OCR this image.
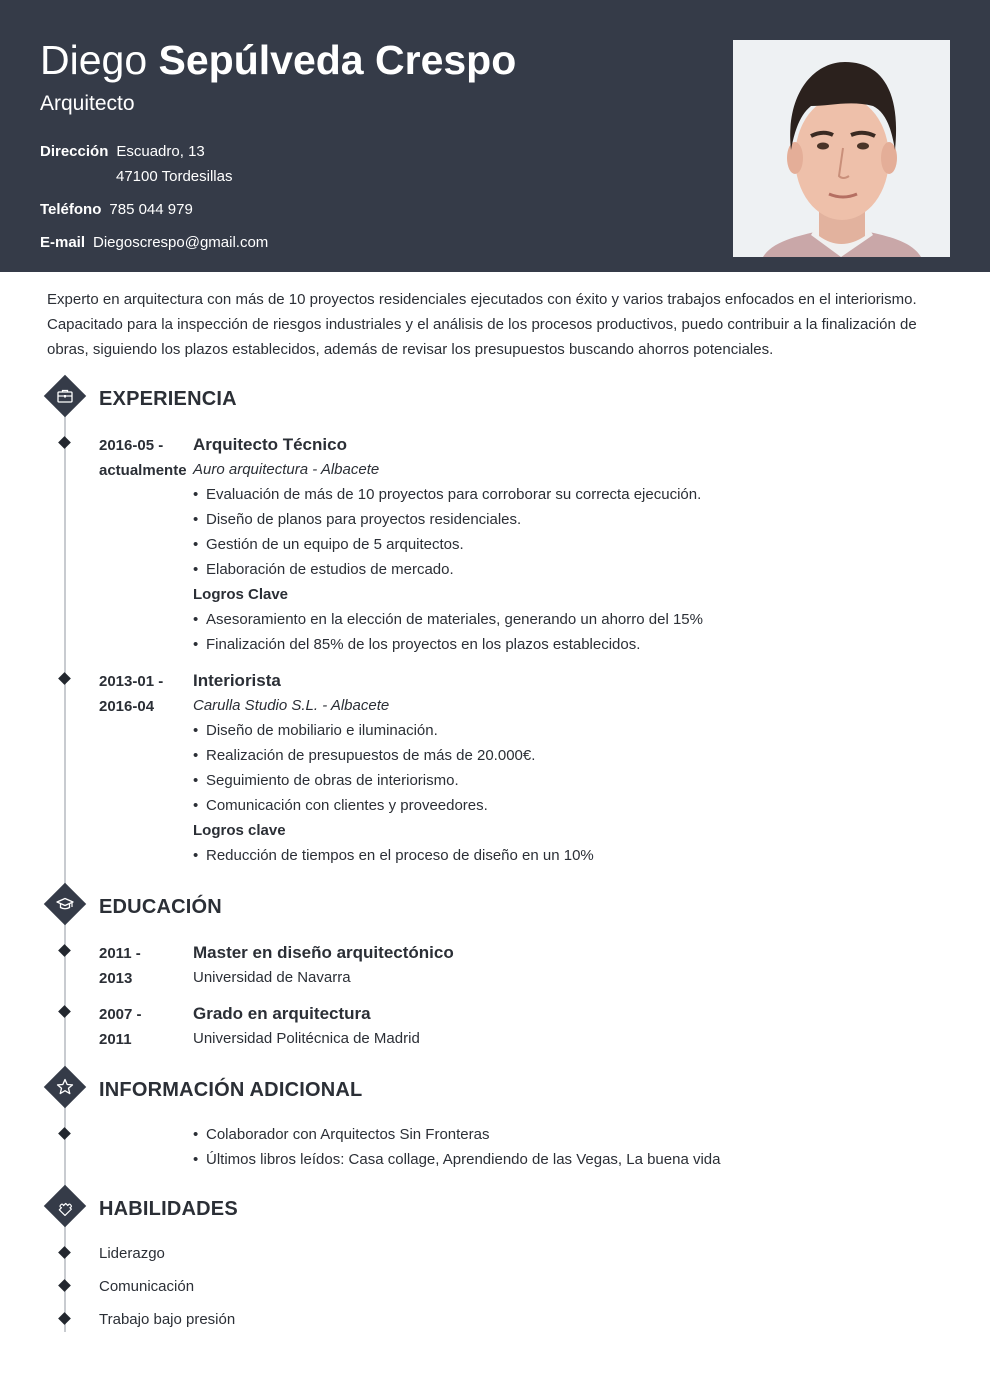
Diego Sepúlveda Crespo
Arquitecto
Dirección Escuadro, 13
47100 Tordesillas
Teléfono 785 044 979
E-mail Diegoscrespo@gmail.com
Experto en arquitectura con más de 10 proyectos residenciales ejecutados con éxito y varios trabajos enfocados en el interiorismo. Capacitado para la inspección de riesgos industriales y el análisis de los procesos productivos, puedo contribuir a la finalización de obras, siguiendo los plazos establecidos, además de revisar los presupuestos buscando ahorros potenciales.
EXPERIENCIA
2016-05 -
actualmente
Arquitecto Técnico
Auro arquitectura - Albacete
• Evaluación de más de 10 proyectos para corroborar su correcta ejecución.
• Diseño de planos para proyectos residenciales.
• Gestión de un equipo de 5 arquitectos.
• Elaboración de estudios de mercado.
Logros Clave
• Asesoramiento en la elección de materiales, generando un ahorro del 15%
• Finalización del 85% de los proyectos en los plazos establecidos.
2013-01 -
2016-04
Interiorista
Carulla Studio S.L. - Albacete
• Diseño de mobiliario e iluminación.
• Realización de presupuestos de más de 20.000€.
• Seguimiento de obras de interiorismo.
• Comunicación con clientes y proveedores.
Logros clave
• Reducción de tiempos en el proceso de diseño en un 10%
EDUCACIÓN
2011 -
2013
Master en diseño arquitectónico
Universidad de Navarra
2007 -
2011
Grado en arquitectura
Universidad Politécnica de Madrid
INFORMACIÓN ADICIONAL
• Colaborador con Arquitectos Sin Fronteras
• Últimos libros leídos: Casa collage, Aprendiendo de las Vegas, La buena vida
HABILIDADES
Liderazgo
Comunicación
Trabajo bajo presión
